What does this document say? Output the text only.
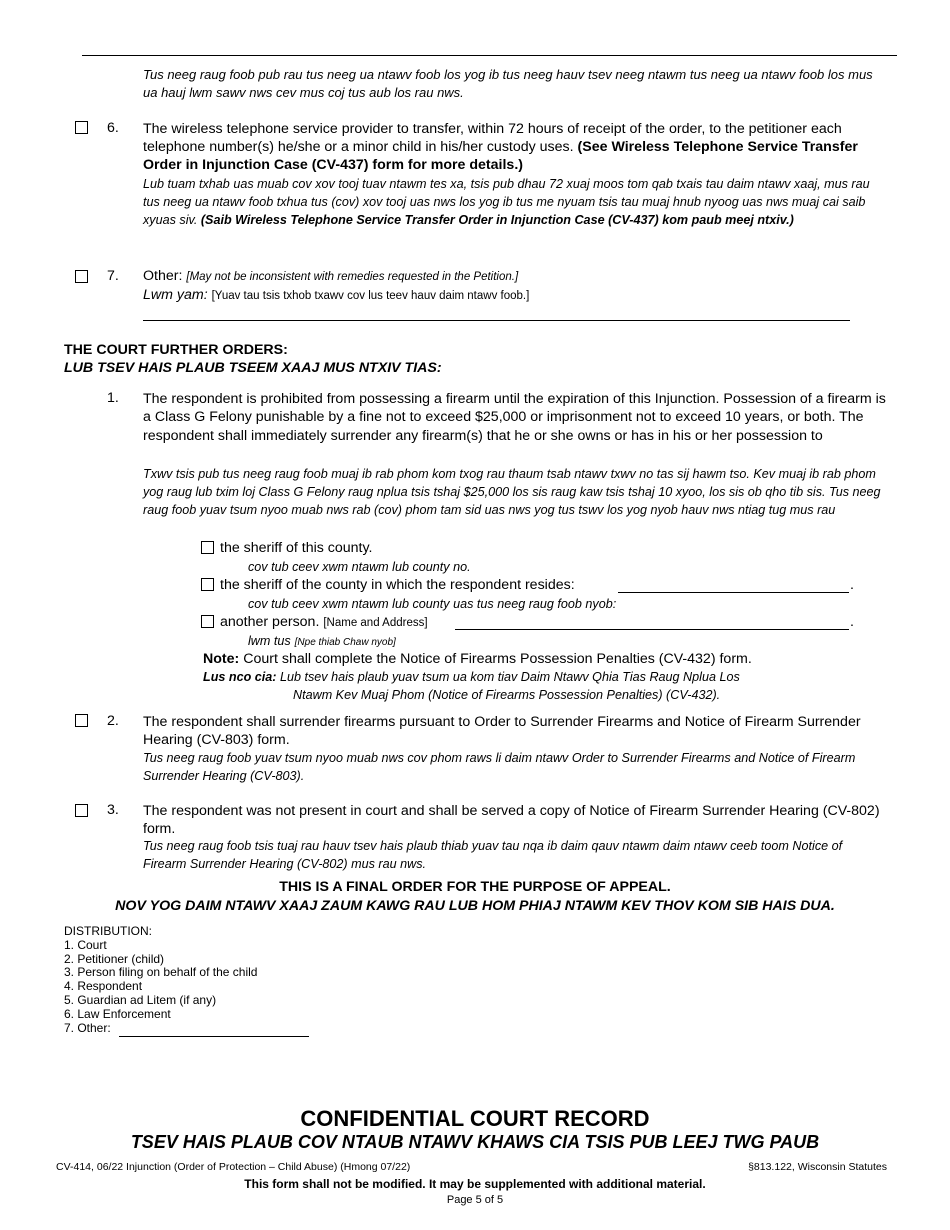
Tus neeg raug foob pub rau tus neeg ua ntawv foob los yog ib tus neeg hauv tsev neeg ntawm tus neeg ua ntawv foob los mus ua hauj lwm sawv nws cev mus coj tus aub los rau nws.

6. The wireless telephone service provider to transfer, within 72 hours of receipt of the order, to the petitioner each telephone number(s) he/she or a minor child in his/her custody uses. (See Wireless Telephone Service Transfer Order in Injunction Case (CV-437) form for more details.)
Lub tuam txhab uas muab cov xov tooj tuav ntawm tes xa, tsis pub dhau 72 xuaj moos tom qab txais tau daim ntawv xaaj, mus rau tus neeg ua ntawv foob txhua tus (cov) xov tooj uas nws los yog ib tus me nyuam tsis tau muaj hnub nyoog uas nws muaj cai saib xyuas siv. (Saib Wireless Telephone Service Transfer Order in Injunction Case (CV-437) kom paub meej ntxiv.)
7. Other: [May not be inconsistent with remedies requested in the Petition.]
Lwm yam: [Yuav tau tsis txhob txawv cov lus teev hauv daim ntawv foob.]
THE COURT FURTHER ORDERS:
LUB TSEV HAIS PLAUB TSEEM XAAJ MUS NTXIV TIAS:
1. The respondent is prohibited from possessing a firearm until the expiration of this Injunction. Possession of a firearm is a Class G Felony punishable by a fine not to exceed $25,000 or imprisonment not to exceed 10 years, or both. The respondent shall immediately surrender any firearm(s) that he or she owns or has in his or her possession to

Txwv tsis pub tus neeg raug foob muaj ib rab phom kom txog rau thaum tsab ntawv txwv no tas sij hawm tso. Kev muaj ib rab phom yog raug lub txim loj Class G Felony raug nplua tsis tshaj $25,000 los sis raug kaw tsis tshaj 10 xyoo, los sis ob qho tib sis. Tus neeg raug foob yuav tsum nyoo muab nws rab (cov) phom tam sid uas nws yog tus tswv los yog nyob hauv nws ntiag tug mus rau

the sheriff of this county.
cov tub ceev xwm ntawm lub county no.
the sheriff of the county in which the respondent resides:	.
cov tub ceev xwm ntawm lub county uas tus neeg raug foob nyob:
another person. [Name and Address]	.
lwm tus [Npe thiab Chaw nyob]
Note: Court shall complete the Notice of Firearms Possession Penalties (CV-432) form.
Lus nco cia: Lub tsev hais plaub yuav tsum ua kom tiav Daim Ntawv Qhia Tias Raug Nplua Los
Ntawm Kev Muaj Phom (Notice of Firearms Possession Penalties) (CV-432).
2. The respondent shall surrender firearms pursuant to Order to Surrender Firearms and Notice of Firearm Surrender Hearing (CV-803) form.

Tus neeg raug foob yuav tsum nyoo muab nws cov phom raws li daim ntawv Order to Surrender Firearms and Notice of Firearm Surrender Hearing (CV-803).

3. The respondent was not present in court and shall be served a copy of Notice of Firearm Surrender Hearing (CV-802) form.

Tus neeg raug foob tsis tuaj rau hauv tsev hais plaub thiab yuav tau nqa ib daim qauv ntawm daim ntawv ceeb toom Notice of Firearm Surrender Hearing (CV-802) mus rau nws.

THIS IS A FINAL ORDER FOR THE PURPOSE OF APPEAL.
NOV YOG DAIM NTAWV XAAJ ZAUM KAWG RAU LUB HOM PHIAJ NTAWM KEV THOV KOM SIB HAIS DUA.
DISTRIBUTION:
1. Court
2. Petitioner (child)
3. Person filing on behalf of the child
4. Respondent
5. Guardian ad Litem (if any)
6. Law Enforcement
7. Other:
CONFIDENTIAL COURT RECORD
TSEV HAIS PLAUB COV NTAUB NTAWV KHAWS CIA TSIS PUB LEEJ TWG PAUB
CV-414, 06/22 Injunction (Order of Protection – Child Abuse) (Hmong 07/22)	§813.122, Wisconsin Statutes
This form shall not be modified. It may be supplemented with additional material.
Page 5 of 5
